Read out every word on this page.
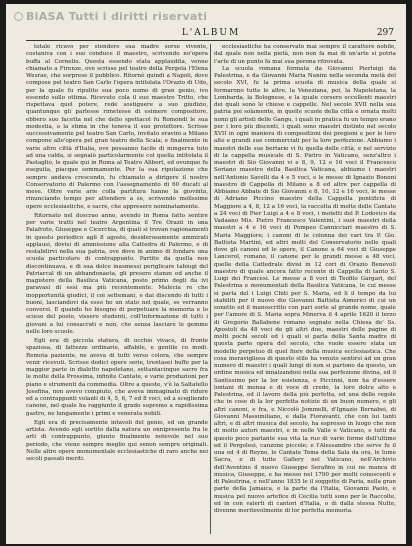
BiASA Tutti i diritti riservati
L'ALBUM	297

totale ricavo per stendere sua madre sorse vivente, costaniva con i suo conduce il maestro, scrivendo no'opera buffa al Cornelio. Questa essendo stata applaudita, venne chiamato a Firenze, ove scrisse pel teatro della Pergola l'Elena Wesrae, che sorprese il pubblico. Ritornò quindi a Napoli, dove compose pel teatro San Carlo l'opera intitolata l'Orazio di Udo, per la quale fu ripulito sua poco nomo di gran genio, ivo essendo sullo ottima. Ricevuto cola il suo maestro Tritto, che rispettava quel potere, rede sostiguere a suo giudizio, quantunque gli parlesse rimetesse di esimere compositore, ebbero suo facetta nel che dello spettacol fu Romondi le sua modestia, o la stima in che teneva il suo protettore. Scrisse successivamente pel teatro San Carlo, invitato eravini a Milano compone alle'opera pel gran teatro della Scala; e finalmente in varie altre città d'Italia, ove possanno facile di mingerva tuto ad una calda, si segnalò particolarmente col quella intitolata il Pastaglio, le quale qui in Roma al Teatro Alibert, ed ovunque fu eseguita, piacque sommamente. Per la sua riputazione che sempre andava crescendo, fu chiamato a dirigere il nostro Conservatorio di Palermo con l'assegnamento di 60 ducati al mese. Oltre varie arie colla partitura hanno la giovinta, rinunciando tempo per attendere a se, scrivendo molissime opere ecclesiastiche, e sacre, che appresero nominatamente.

Ritornato nel doscrao anno, avendo in Roma fatto sentire per varie tratti nel teatro Argentina il Tre Orazii in una Palafroto, Giuseppe e Cicerchia, di quali si trovan ragionamenti in questo periodico agli 8 agosto, desiderosamente ammirati applausi, dovisi di ammissione alla Cattedra di Palermo, e di restabilirvi nella sua patria, ove dove in animo di fondare una scuola particolare di contrappunto. Partito da quella non discontinuava, e di sua dolce inasmessi periglicare tabiugi del Patriarcal di un abbandonaeta, gli presero stanze ed anche il magistero della Basilica Vaticana, posto primo degli da ivi paravasi di essi ma più recentemente. Malecia re che inopportunità giudici, il coi settemani, e dai discendo di tutti i buoni, lasciandovi da esso ho un stato nel quale, se verranno conversi. E quando ho bisogno di perpetuare la memoria e lo scieso del posto, vissero studenti, coll'informazione di tutti i giovani a lui consacrati e non, che senza lasciare le gemme nelle loro scuole.

Egli era di piccola statura, di occhio vivace, di fronte spaziosa, di fattezze ordinarie, affabile, e gentile co modi. Remota paziente, ne aveva di tutti verso colora, che sempre venir ricevuti. Scrisse dodici opere serie, trentasei buffe per la maggior parte in dialetto napoletano, settantacinque sacre fra le molte della Prossima, infinite Cantate, e varie produzioni per piano e strumenti da commedia. Oltre a queste, v'è la Saltatello Josefina, non avevo compiuto, che aveva immaginato di ridure ed a contrappunti volanti di 4, 5, 6, 7 ed 8 voci, ed a scegliendo canone, nel quale ha raggiunto il grado supremo a rapidissima gastro, ne lungamente i primi e venerata nobili.

Egli era di precisamente intavoli del genio, ed un grande artista. Avendo egli sortito dalla natura un onnipresente fra le arti di contrappunto, giunto finalmente notevole nel suo periodo, che viene sempre meglio qui senon sempre originali. Nelle altre opere monumentale ecclesiastiche di raro anche nei secoli passati meriti.

ecclesiastiche ha conservato mai sempre il carattere nobile, dal quale non nella pietà, non non fa mai di un'arte si potria l'arte di un punto fa mai sua perona ritrovata.

La scuola romana formata da Giovanni Pierluigi da Palestrina, e da Giovanni Maria Nanini nella seconda metà del secolo XVI, fu la prima scuola di musica della quale si formarono tutte le altre, la Veneziana, poi, la Napoletana, la Lombarda, la Bolognese, e la quale corsero eccellenti maestri dei quali sono le chiese e cappelle. Nel secolo XVII nella sua patria poi solamente, in quelle scuole della città e ornata molti nomi gli artisti delle Gangu, i quali in pratica fu un tempo erano per i loro più discenti, i quali sono maestri distinto nel secolo XVII in ogni maniera di compositioni dei pregioni e per le loro alte e grandi sue commerciali per la loro perfezione. Abbiamo i maestri delle sue bertarie vi fu quella delle città, e nel servizio di la cappella musicale di S. Pietro in Vaticano, senz'altro i maestri di Sio Giovanni vi e 8, 9, 12 e 16 voci il Francesco Soriano maestro della Basilica Vaticana, abbiamo i maestri nell'Antonio Savelli da 4 e 5 voci, e le messe di Ignazio Bononi maestro di Cappella di Milano a 8 ed altre per cappella di Abbiamo Abbate di Sio Giovanni e 8, 10, 12 e 16 voci, le messe di Adriano Piccino maestro della Cappella pontificia di Maggiore a 4, 8, 12 a 16 voci, la raccolta di molte delle Cantate a 24 voci di Pier Luigi a 4 e 8 voci, i motetti del P. Lodovico da Vadaano Mis. Pietro Francesco Valentini, i suoi maestri della maestri a 4 e 16 voci di Pompeo Cannicciari maestro di S. Maria Maggiore; i canoni di le colonna dei vari tra P. Gio. Battista Martini, ed altri molti del Conservatorio nelle quali dove gli canoni ed le opere, il Canone a 64 voci di Giuseppe Lancerol, romano, il canone per le grandi messe a 48 voci, quelle della Cattedrale divisi in 12 cori di Orazio Benevoli maestro di quale ancora fatto recente di Cappella di tanto S. Luigi dei Francesi. Le messe a 8 voci di Teofilo Gargari, del Palestrina e monumentali della Basilica Vaticana, le cui messe si parla del i Luigi Chiti per S. Maria, ed li il tempo da lui stabiliti per il nuovo dio Giovanni Battista Aimerici di cui un sonetto ed il manoscritto con pari sorte al grande nome, quale per l'amore di S. Maria sopra Minerva il 4 aprile 1620 il terzo di Gregorio Ballabene romano segnato nella Chiesa de' Ss. Apostoli da 48 voci de gli altri due, maestri delle pagine di molti pochi secoli ed i quali si parla della Santa madre di questa parte opera del secolo, che vuole essere stata un modello perpetuo di quel fiore della musica ecclesiastica. Che cosa meravigliosa di questo stile ha venuto sentirsi ad un gran numero di maestri i quali lungi di non si partono da questo, un ordine musica ed innalzandosi nella sua perfezione divina, ed il Santissimo per la lor esistenza, e Piccinni, non ha d'essere lontani di mensa e di voce di credo, la loro dolce alto e Palestrina, ed il lavoro della più perfetta, ed una delle regole che in cose di la lor perfetta notizie di un buon numero, e gli altri canoni, e fra, e Niccolò Jommelli, d'Ignazio Bernabei, di Giovanni Massimiliano, e dalla Fioravanti, che con lui tanti altri, e di altri musica del secolo, ha espresso in luogo che non di molto autori maestri, e in nelle Valle e Vaticano, e tutti da questo poco parlante sua vita la ruo di varie forme dell'ultimo ed il Pergolesi, canzone piccole; e l'Alessandro che serve fu il una ed 4 di Reyno, le Cantate Tema della Sala da ora, le lume Sacra, e di tutte Gallery nel Vaticano, nell'Archivio dell'Aventino il nuovo Giuseppe Serafino in cui ne manca di musica, Giuseppe, e ha messo nel 1790 per molti conoscenti e di Palestrina, e nell'anno 1835 le il soggetto di Paria, nella gran parte della Jamaica, e la parte da l'Italia, Giovanni Paolo, e musica pel nuovo artefice di Cecilia tutti sono per le Raccolte, ed in con valerti di cantori d'Italia, o di dalla stessa Nutte, divenne meritevolmente di lor perfetta memoria.
